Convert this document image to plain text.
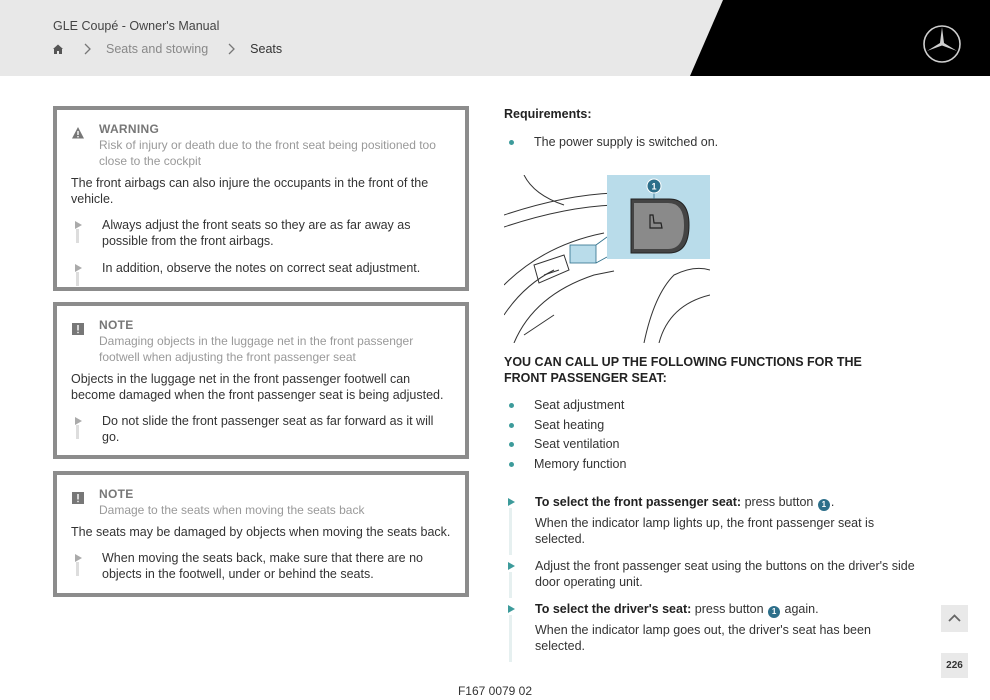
GLE Coupé - Owner's Manual
Seats and stowing	Seats
WARNING
Risk of injury or death due to the front seat being positioned too close to the cockpit
The front airbags can also injure the occupants in the front of the vehicle.
Always adjust the front seats so they are as far away as possible from the front airbags.
In addition, observe the notes on correct seat adjustment.
NOTE
Damaging objects in the luggage net in the front passenger footwell when adjusting the front passenger seat
Objects in the luggage net in the front passenger footwell can become damaged when the front passenger seat is being adjusted.
Do not slide the front passenger seat as far forward as it will go.
NOTE
Damage to the seats when moving the seats back
The seats may be damaged by objects when moving the seats back.
When moving the seats back, make sure that there are no objects in the footwell, under or behind the seats.
Requirements:
The power supply is switched on.
1
YOU CAN CALL UP THE FOLLOWING FUNCTIONS FOR THE FRONT PASSENGER SEAT:
Seat adjustment
Seat heating
Seat ventilation
Memory function
To select the front passenger seat: press button 1 .
When the indicator lamp lights up, the front passenger seat is selected.
Adjust the front passenger seat using the buttons on the driver's side door operating unit.
To select the driver's seat: press button 1 again.
When the indicator lamp goes out, the driver's seat has been selected.
226
F167 0079 02
